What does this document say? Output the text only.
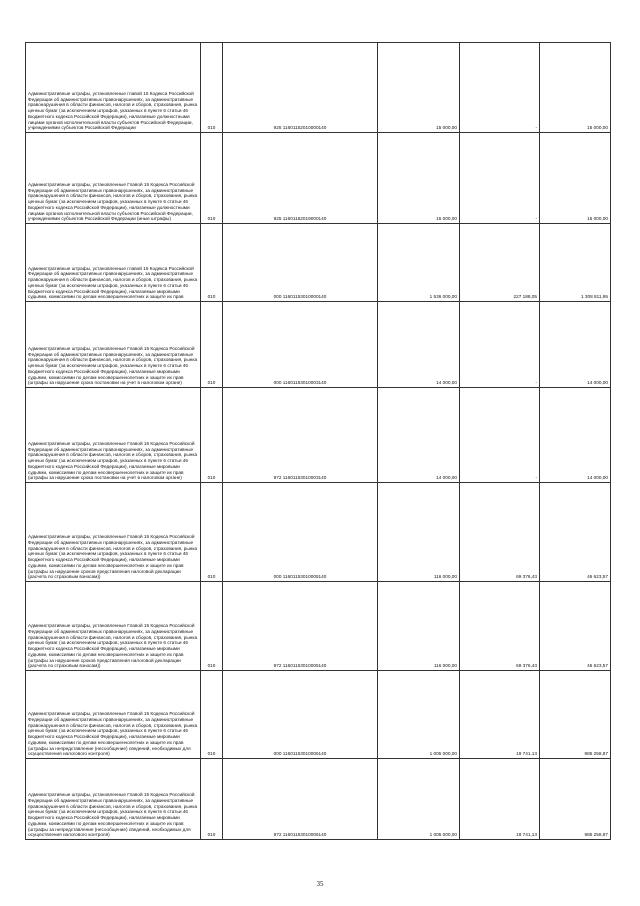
Административные штрафы, установленные главой 15 Кодекса Российской Федерации об административных правонарушениях, за административные правонарушения в области финансов, налогов и сборов, страхования, рынка ценных бумаг (за исключением штрафов, указанных в пункте 6 статьи 46 Бюджетного кодекса Российской Федерации), налагаемые должностными лицами органов исполнительной власти субъектов Российской Федерации, учреждениями субъектов Российской Федерации	010	925 11601152010000140	15 000,00	-	15 000,00
Административные штрафы, установленные Главой 15 Кодекса Российской Федерации об административных правонарушениях, за административные правонарушения в области финансов, налогов и сборов, страхования, рынка ценных бумаг (за исключением штрафов, указанных в пункте 6 статьи 46 Бюджетного кодекса Российской Федерации), налагаемые должностными лицами органов исполнительной власти субъектов Российской Федерации, учреждениями субъектов Российской Федерации (иные штрафы)	010	925 11601152019000140	15 000,00	-	15 000,00
Административные штрафы, установленные главой 15 Кодекса Российской Федерации об административных правонарушениях, за административные правонарушения в области финансов, налогов и сборов, страхования, рынка ценных бумаг (за исключением штрафов, указанных в пункте 6 статьи 46 Бюджетного кодекса Российской Федерации), налагаемые мировыми судьями, комиссиями по делам несовершеннолетних и защите их прав	010	000 11601153010000140	1 536 000,00	227 188,05	1 308 811,95
Административные штрафы, установленные Главой 15 Кодекса Российской Федерации об административных правонарушениях, за административные правонарушения в области финансов, налогов и сборов, страхования, рынка ценных бумаг (за исключением штрафов, указанных в пункте 6 статьи 46 Бюджетного кодекса Российской Федерации), налагаемые мировыми судьями, комиссиями по делам несовершеннолетних и защите их прав (штрафы за нарушение срока постановки на учет в налоговом органе)	010	000 11601153010003140	14 000,00	-	14 000,00
Административные штрафы, установленные Главой 15 Кодекса Российской Федерации об административных правонарушениях, за административные правонарушения в области финансов, налогов и сборов, страхования, рынка ценных бумаг (за исключением штрафов, указанных в пункте 6 статьи 46 Бюджетного кодекса Российской Федерации), налагаемые мировыми судьями, комиссиями по делам несовершеннолетних и защите их прав (штрафы за нарушение срока постановки на учет в налоговом органе)	010	972 11601153010003140	14 000,00	-	14 000,00
Административные штрафы, установленные Главой 15 Кодекса Российской Федерации об административных правонарушениях, за административные правонарушения в области финансов, налогов и сборов, страхования, рынка ценных бумаг (за исключением штрафов, указанных в пункте 6 статьи 46 Бюджетного кодекса Российской Федерации), налагаемые мировыми судьями, комиссиями по делам несовершеннолетних и защите их прав (штрафы за нарушение сроков представления налоговой декларации (расчета по страховым взносам))	010	000 11601153010005140	116 000,00	69 376,43	46 623,57
Административные штрафы, установленные Главой 15 Кодекса Российской Федерации об административных правонарушениях, за административные правонарушения в области финансов, налогов и сборов, страхования, рынка ценных бумаг (за исключением штрафов, указанных в пункте 6 статьи 46 Бюджетного кодекса Российской Федерации), налагаемые мировыми судьями, комиссиями по делам несовершеннолетних и защите их прав (штрафы за нарушение сроков представления налоговой декларации (расчета по страховым взносам))	010	972 11601153010005140	116 000,00	69 376,43	46 623,57
Административные штрафы, установленные Главой 15 Кодекса Российской Федерации об административных правонарушениях, за административные правонарушения в области финансов, налогов и сборов, страхования, рынка ценных бумаг (за исключением штрафов, указанных в пункте 6 статьи 46 Бюджетного кодекса Российской Федерации), налагаемые мировыми судьями, комиссиями по делам несовершеннолетних и защите их прав (штрафы за непредставление (несообщение) сведений, необходимых для осуществления налогового контроля)	010	000 11601153010006140	1 005 000,00	19 741,13	985 258,87
Административные штрафы, установленные Главой 15 Кодекса Российской Федерации об административных правонарушениях, за административные правонарушения в области финансов, налогов и сборов, страхования, рынка ценных бумаг (за исключением штрафов, указанных в пункте 6 статьи 46 Бюджетного кодекса Российской Федерации), налагаемые мировыми судьями, комиссиями по делам несовершеннолетних и защите их прав (штрафы за непредставление (несообщение) сведений, необходимых для осуществления налогового контроля)	010	972 11601153010006140	1 005 000,00	19 741,13	985 258,87
35
